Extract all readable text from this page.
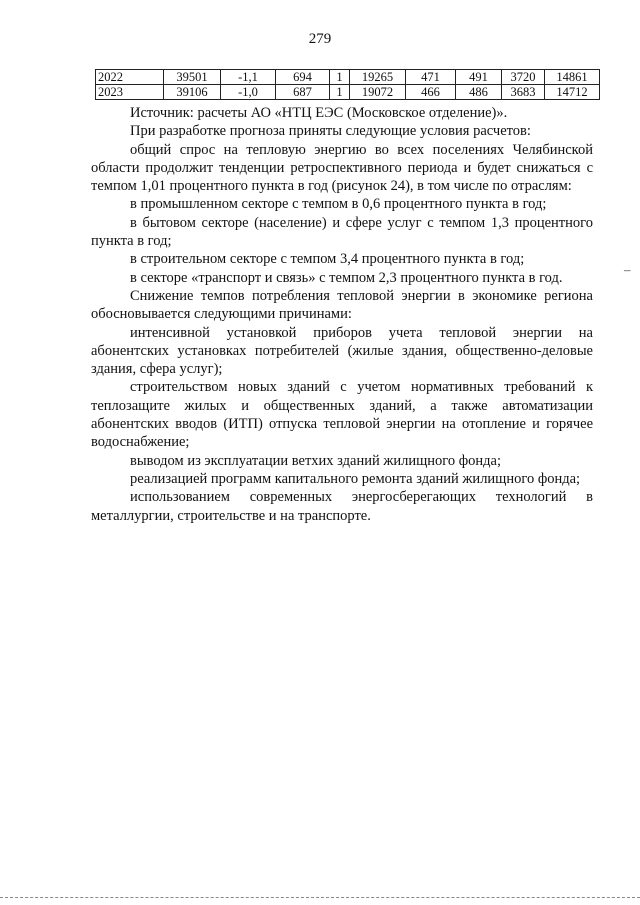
279
2022	39501	-1,1	694	1	19265	471	491	3720	14861
2023	39106	-1,0	687	1	19072	466	486	3683	14712

Источник: расчеты АО «НТЦ ЕЭС (Московское отделение)».

При разработке прогноза приняты следующие условия расчетов:

общий спрос на тепловую энергию во всех поселениях Челябинской области продолжит тенденции ретроспективного периода и будет снижаться с темпом 1,01 процентного пункта в год (рисунок 24), в том числе по отраслям:

в промышленном секторе с темпом в 0,6 процентного пункта в год;

в бытовом секторе (население) и сфере услуг с темпом 1,3 процентного пункта в год;

в строительном секторе с темпом 3,4 процентного пункта в год;

в секторе «транспорт и связь» с темпом 2,3 процентного пункта в год.

Снижение темпов потребления тепловой энергии в экономике региона обосновывается следующими причинами:

интенсивной установкой приборов учета тепловой энергии на абонентских установках потребителей (жилые здания, общественно-деловые здания, сфера услуг);

строительством новых зданий с учетом нормативных требований к теплозащите жилых и общественных зданий, а также автоматизации абонентских вводов (ИТП) отпуска тепловой энергии на отопление и горячее водоснабжение;

выводом из эксплуатации ветхих зданий жилищного фонда;

реализацией программ капитального ремонта зданий жилищного фонда;

использованием современных энергосберегающих технологий в металлургии, строительстве и на транспорте.

–
